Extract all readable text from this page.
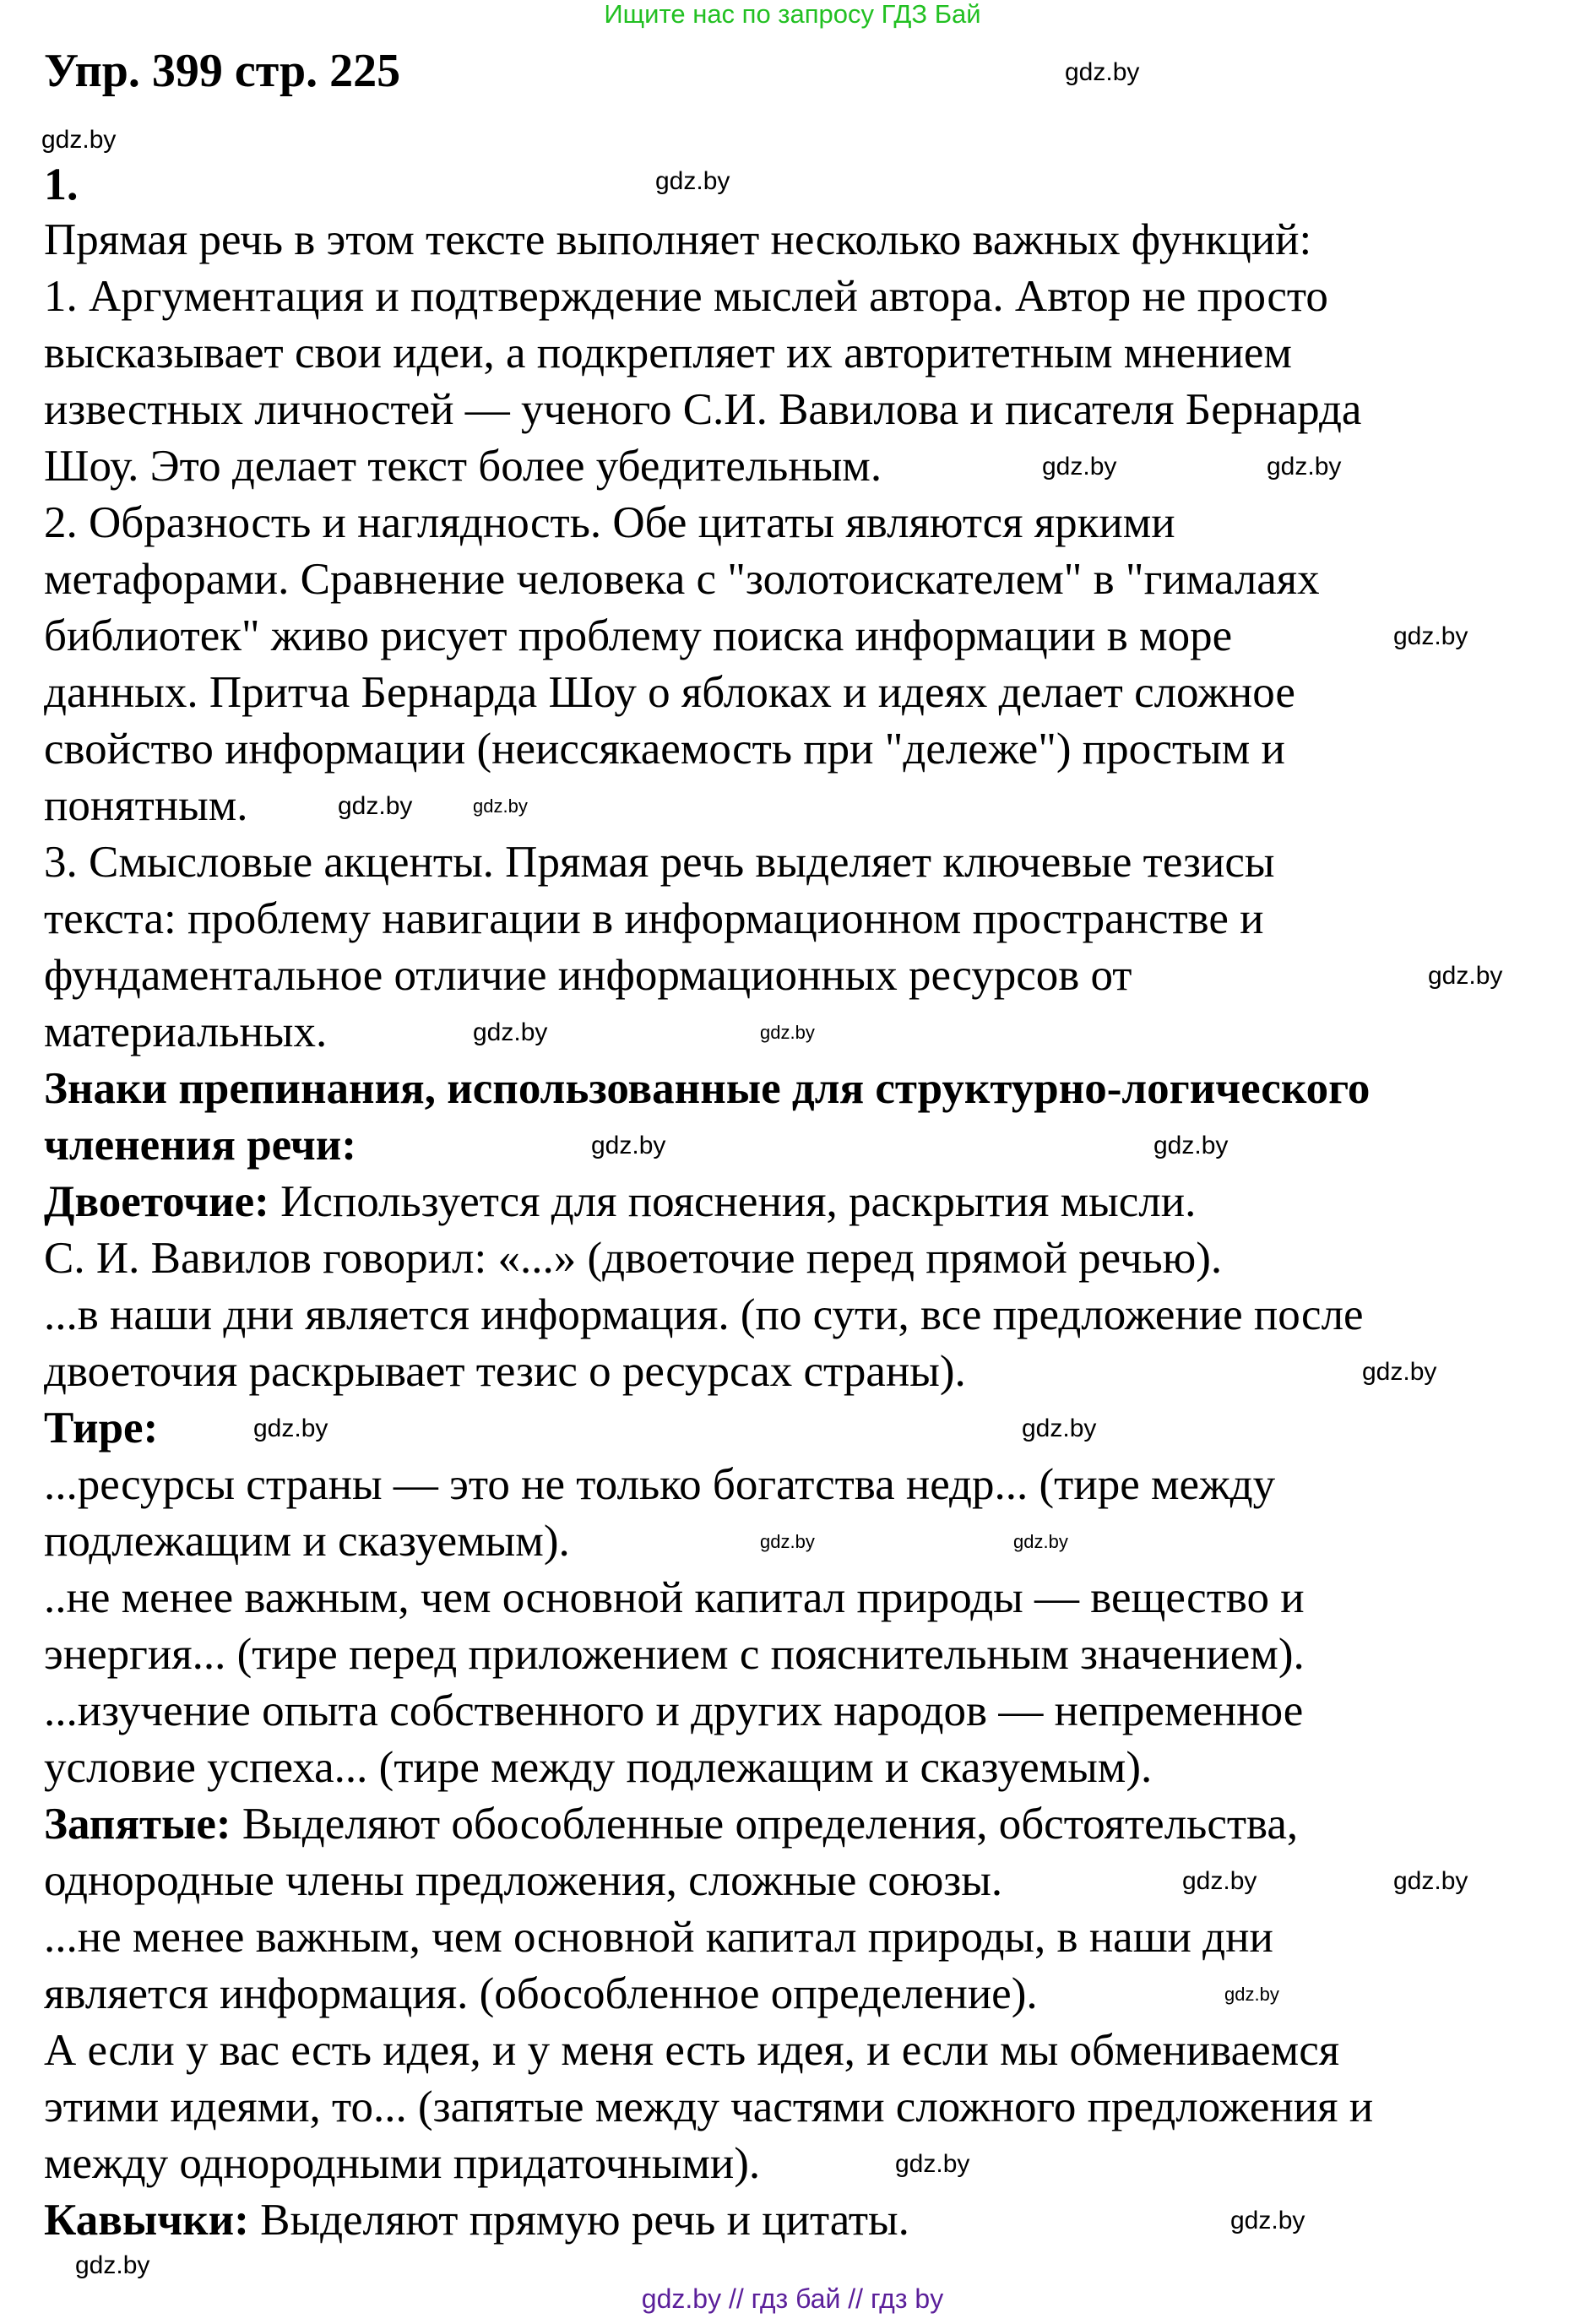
Ищите нас по запросу ГДЗ Бай
Упр. 399 стр. 225
1.
Прямая речь в этом тексте выполняет несколько важных функций:
1. Аргументация и подтверждение мыслей автора. Автор не просто
высказывает свои идеи, а подкрепляет их авторитетным мнением
известных личностей — ученого С.И. Вавилова и писателя Бернарда
Шоу. Это делает текст более убедительным.
2. Образность и наглядность. Обе цитаты являются яркими
метафорами. Сравнение человека с "золотоискателем" в "гималаях
библиотек" живо рисует проблему поиска информации в море
данных. Притча Бернарда Шоу о яблоках и идеях делает сложное
свойство информации (неиссякаемость при "дележе") простым и
понятным.
3. Смысловые акценты. Прямая речь выделяет ключевые тезисы
текста: проблему навигации в информационном пространстве и
фундаментальное отличие информационных ресурсов от
материальных.
Знаки препинания, использованные для структурно-логического
членения речи:
Двоеточие: Используется для пояснения, раскрытия мысли.
С. И. Вавилов говорил: «...» (двоеточие перед прямой речью).
...в наши дни является информация. (по сути, все предложение после
двоеточия раскрывает тезис о ресурсах страны).
Тире:
...ресурсы страны — это не только богатства недр... (тире между
подлежащим и сказуемым).
..не менее важным, чем основной капитал природы — вещество и
энергия... (тире перед приложением с пояснительным значением).
...изучение опыта собственного и других народов — непременное
условие успеха... (тире между подлежащим и сказуемым).
Запятые: Выделяют обособленные определения, обстоятельства,
однородные члены предложения, сложные союзы.
...не менее важным, чем основной капитал природы, в наши дни
является информация. (обособленное определение).
А если у вас есть идея, и у меня есть идея, и если мы обмениваемся
этими идеями, то... (запятые между частями сложного предложения и
между однородными придаточными).
Кавычки: Выделяют прямую речь и цитаты.
gdz.by
gdz.by
gdz.by
gdz.by
gdz.by
gdz.by
gdz.by
gdz.by
gdz.by
gdz.by
gdz.by
gdz.by
gdz.by
gdz.by
gdz.by	gdz.by
gdz.by	gdz.by
gdz.by	gdz.by
gdz.by
gdz.by
gdz.by
gdz.by
gdz.by // гдз бай // гдз by
